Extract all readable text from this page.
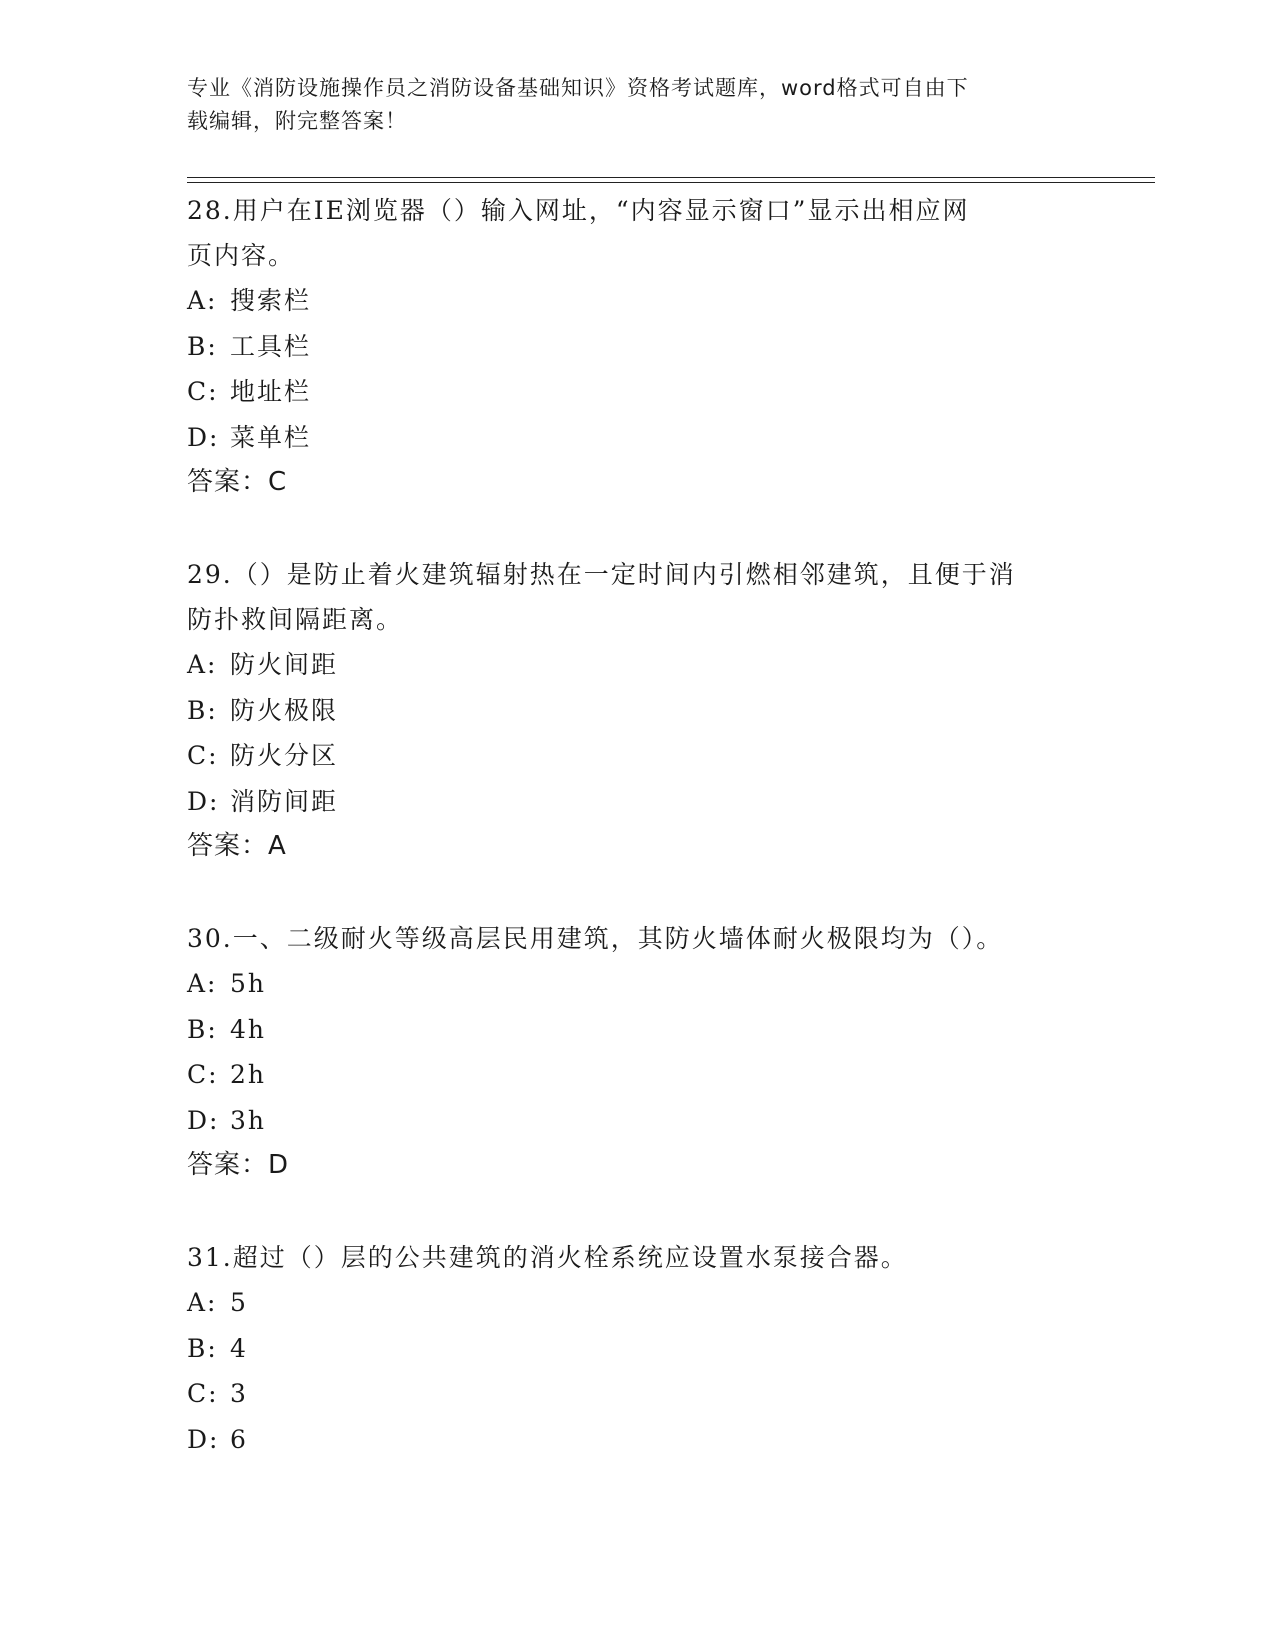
专业《消防设施操作员之消防设备基础知识》资格考试题库，word格式可自由下
载编辑，附完整答案！

28.用户在IE浏览器（）输入网址，“内容显示窗口”显示出相应网
页内容。

A: 搜索栏
B: 工具栏
C: 地址栏
D: 菜单栏
答案：C

29.（）是防止着火建筑辐射热在一定时间内引燃相邻建筑，且便于消
防扑救间隔距离。

A: 防火间距
B: 防火极限
C: 防火分区
D: 消防间距
答案：A

30.一、二级耐火等级高层民用建筑，其防火墙体耐火极限均为（）。

A: 5h
B: 4h
C: 2h
D: 3h
答案：D

31.超过（）层的公共建筑的消火栓系统应设置水泵接合器。

A: 5
B: 4
C: 3
D: 6
